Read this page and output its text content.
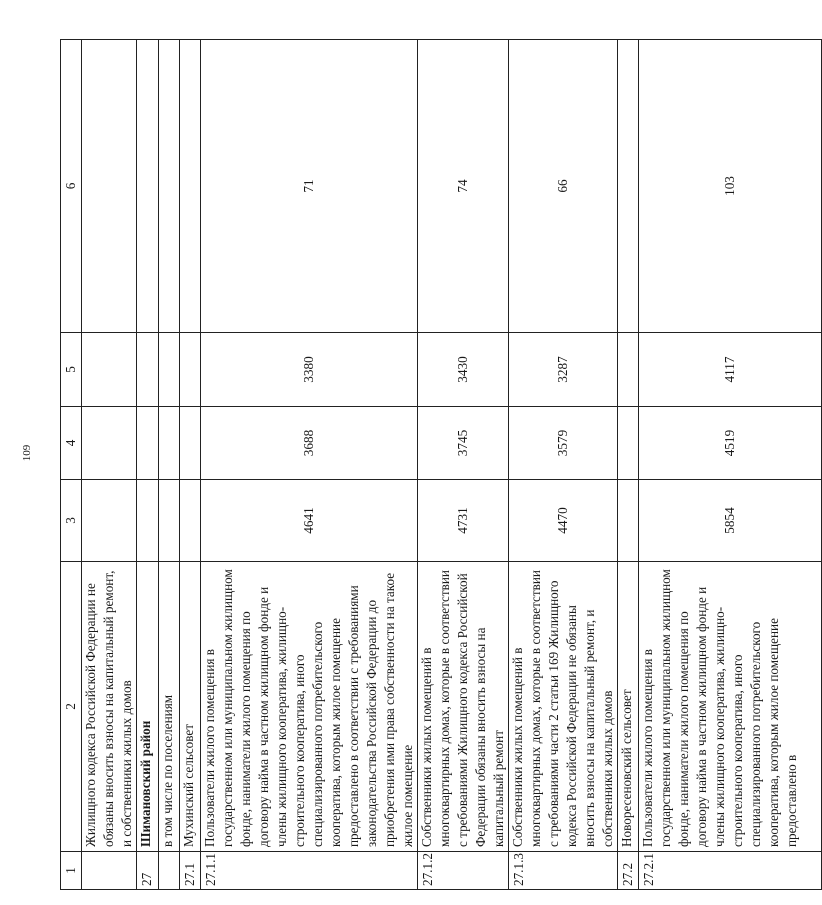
109
1	2	3	4	5	6
	Жилищного кодекса Российской Федерации не обязаны вносить взносы на капитальный ремонт, и собственники жилых домов				
27	Шимановский район				
	в том числе по поселениям				
27.1	Мухинский сельсовет				
27.1.1	Пользователи жилого помещения в государственном или муниципальном жилищном фонде, наниматели жилого помещения по договору найма в частном жилищном фонде и члены жилищного кооператива, жилищно-строительного кооператива, иного специализированного потребительского кооператива, которым жилое помещение предоставлено в соответствии с требованиями законодательства Российской Федерации до приобретения ими права собственности на такое жилое помещение	4641	3688	3380	71
27.1.2	Собственники жилых помещений в многоквартирных домах, которые в соответствии с требованиями Жилищного кодекса Российской Федерации обязаны вносить взносы на капитальный ремонт	4731	3745	3430	74
27.1.3	Собственники жилых помещений в многоквартирных домах, которые в соответствии с требованиями части 2 статьи 169 Жилищного кодекса Российской Федерации не обязаны вносить взносы на капитальный ремонт, и собственники жилых домов	4470	3579	3287	66
27.2	Новоресеновский сельсовет				
27.2.1	Пользователи жилого помещения в государственном или муниципальном жилищном фонде, наниматели жилого помещения по договору найма в частном жилищном фонде и члены жилищного кооператива, жилищно-строительного кооператива, иного специализированного потребительского кооператива, которым жилое помещение предоставлено в	5854	4519	4117	103
